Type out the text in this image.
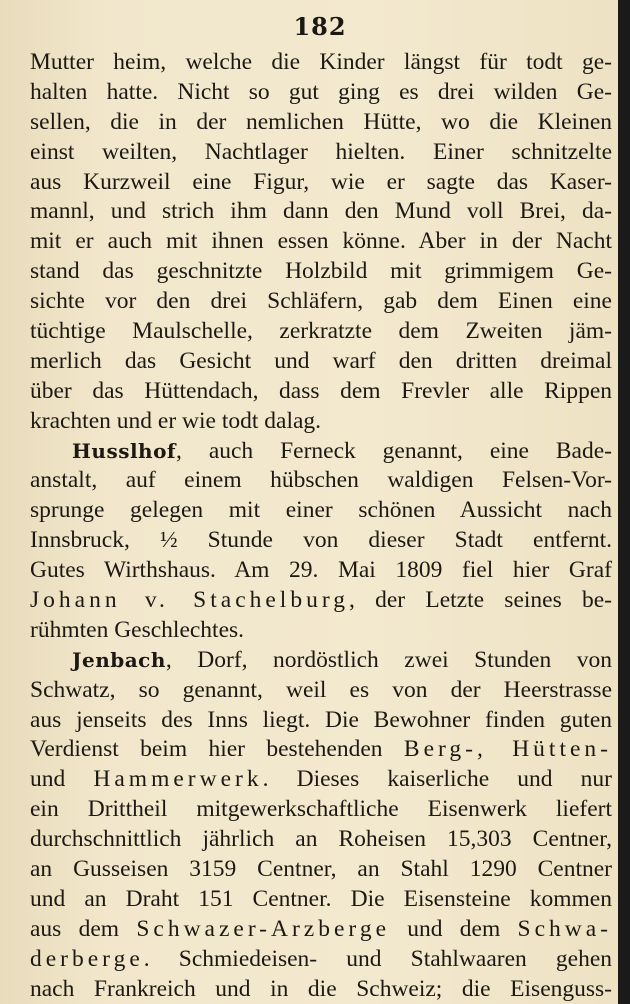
182
Mutter heim, welche die Kinder längst für todt ge-
halten hatte. Nicht so gut ging es drei wilden Ge-
sellen, die in der nemlichen Hütte, wo die Kleinen
einst weilten, Nachtlager hielten. Einer schnitzelte
aus Kurzweil eine Figur, wie er sagte das Kaser-
mannl, und strich ihm dann den Mund voll Brei, da-
mit er auch mit ihnen essen könne. Aber in der Nacht
stand das geschnitzte Holzbild mit grimmigem Ge-
sichte vor den drei Schläfern, gab dem Einen eine
tüchtige Maulschelle, zerkratzte dem Zweiten jäm-
merlich das Gesicht und warf den dritten dreimal
über das Hüttendach, dass dem Frevler alle Rippen
krachten und er wie todt dalag.
Husslhof, auch Ferneck genannt, eine Bade-
anstalt, auf einem hübschen waldigen Felsen-Vor-
sprunge gelegen mit einer schönen Aussicht nach
Innsbruck, ½ Stunde von dieser Stadt entfernt.
Gutes Wirthshaus. Am 29. Mai 1809 fiel hier Graf
Johann v. Stachelburg, der Letzte seines be-
rühmten Geschlechtes.
Jenbach, Dorf, nordöstlich zwei Stunden von
Schwatz, so genannt, weil es von der Heerstrasse
aus jenseits des Inns liegt. Die Bewohner finden guten
Verdienst beim hier bestehenden Berg-, Hütten-
und Hammerwerk. Dieses kaiserliche und nur
ein Drittheil mitgewerkschaftliche Eisenwerk liefert
durchschnittlich jährlich an Roheisen 15,303 Centner,
an Gusseisen 3159 Centner, an Stahl 1290 Centner
und an Draht 151 Centner. Die Eisensteine kommen
aus dem Schwazer-Arzberge und dem Schwa-
derberge. Schmiedeisen- und Stahlwaaren gehen
nach Frankreich und in die Schweiz; die Eisenguss-
